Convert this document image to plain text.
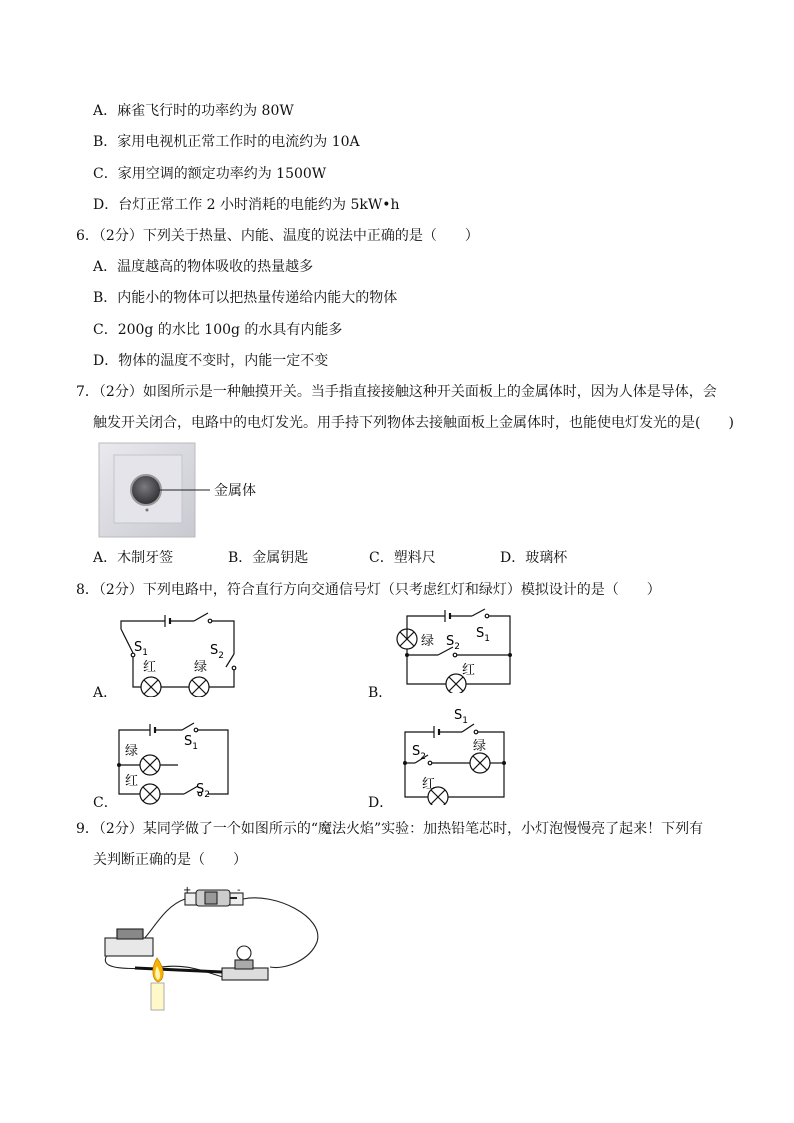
A．麻雀飞行时的功率约为 80W
B．家用电视机正常工作时的电流约为 10A
C．家用空调的额定功率约为 1500W
D．台灯正常工作 2 小时消耗的电能约为 5kW•h
6．（2分）下列关于热量、内能、温度的说法中正确的是（　　）
A．温度越高的物体吸收的热量越多
B．内能小的物体可以把热量传递给内能大的物体
C．200g 的水比 100g 的水具有内能多
D．物体的温度不变时，内能一定不变
7．（2分）如图所示是一种触摸开关。当手指直接接触这种开关面板上的金属体时，因为人体是导体，会
触发开关闭合，电路中的电灯发光。用手持下列物体去接触面板上金属体时，也能使电灯发光的是(　　)
金属体
A．木制牙签	B．金属钥匙	C．塑料尺	D．玻璃杯
8．（2分）下列电路中，符合直行方向交通信号灯（只考虑红灯和绿灯）模拟设计的是（　　）
$S_1$	$S_2$
红	绿
A．
绿 $S_2$
$S_1$
红
B．
$S_1$
绿
红
$S_2$
C．
$S_1$
$S_2$
绿
红
D．
9．（2分）某同学做了一个如图所示的“魔法火焰”实验：加热铅笔芯时，小灯泡慢慢亮了起来！下列有
关判断正确的是（　　）
+	-
